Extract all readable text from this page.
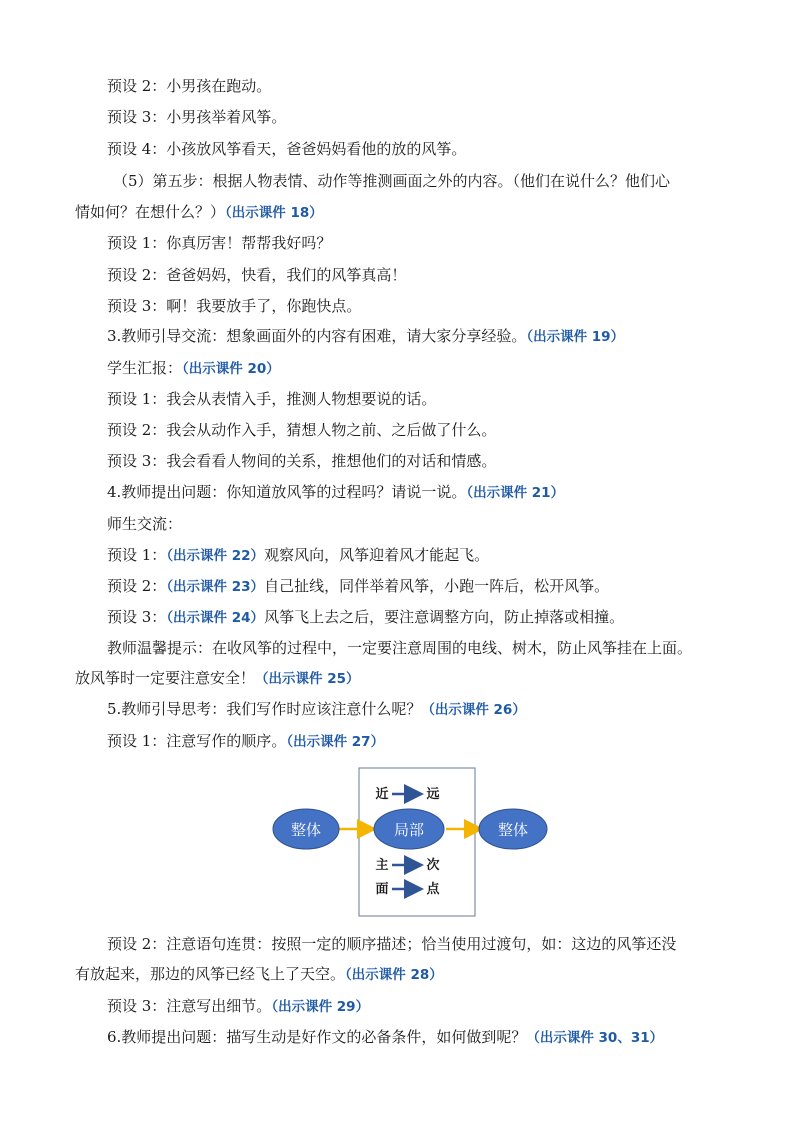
预设 2：小男孩在跑动。
预设 3：小男孩举着风筝。
预设 4：小孩放风筝看天，爸爸妈妈看他的放的风筝。
（5）第五步：根据人物表情、动作等推测画面之外的内容。（他们在说什么？他们心
情如何？在想什么？）（出示课件 18）
预设 1：你真厉害！帮帮我好吗？
预设 2：爸爸妈妈，快看，我们的风筝真高！
预设 3：啊！我要放手了，你跑快点。
3.教师引导交流：想象画面外的内容有困难，请大家分享经验。（出示课件 19）
学生汇报：（出示课件 20）
预设 1：我会从表情入手，推测人物想要说的话。
预设 2：我会从动作入手，猜想人物之前、之后做了什么。
预设 3：我会看看人物间的关系，推想他们的对话和情感。
4.教师提出问题：你知道放风筝的过程吗？请说一说。（出示课件 21）
师生交流：
预设 1：（出示课件 22）观察风向，风筝迎着风才能起飞。
预设 2：（出示课件 23）自己扯线，同伴举着风筝，小跑一阵后，松开风筝。
预设 3：（出示课件 24）风筝飞上去之后，要注意调整方向，防止掉落或相撞。
教师温馨提示：在收风筝的过程中，一定要注意周围的电线、树木，防止风筝挂在上面。
放风筝时一定要注意安全！（出示课件 25）
5.教师引导思考：我们写作时应该注意什么呢？（出示课件 26）
预设 1：注意写作的顺序。（出示课件 27）
整体	局部	整体
近	远
主	次
面	点
预设 2：注意语句连贯：按照一定的顺序描述；恰当使用过渡句，如：这边的风筝还没
有放起来，那边的风筝已经飞上了天空。（出示课件 28）
预设 3：注意写出细节。（出示课件 29）
6.教师提出问题：描写生动是好作文的必备条件，如何做到呢？（出示课件 30、31）
